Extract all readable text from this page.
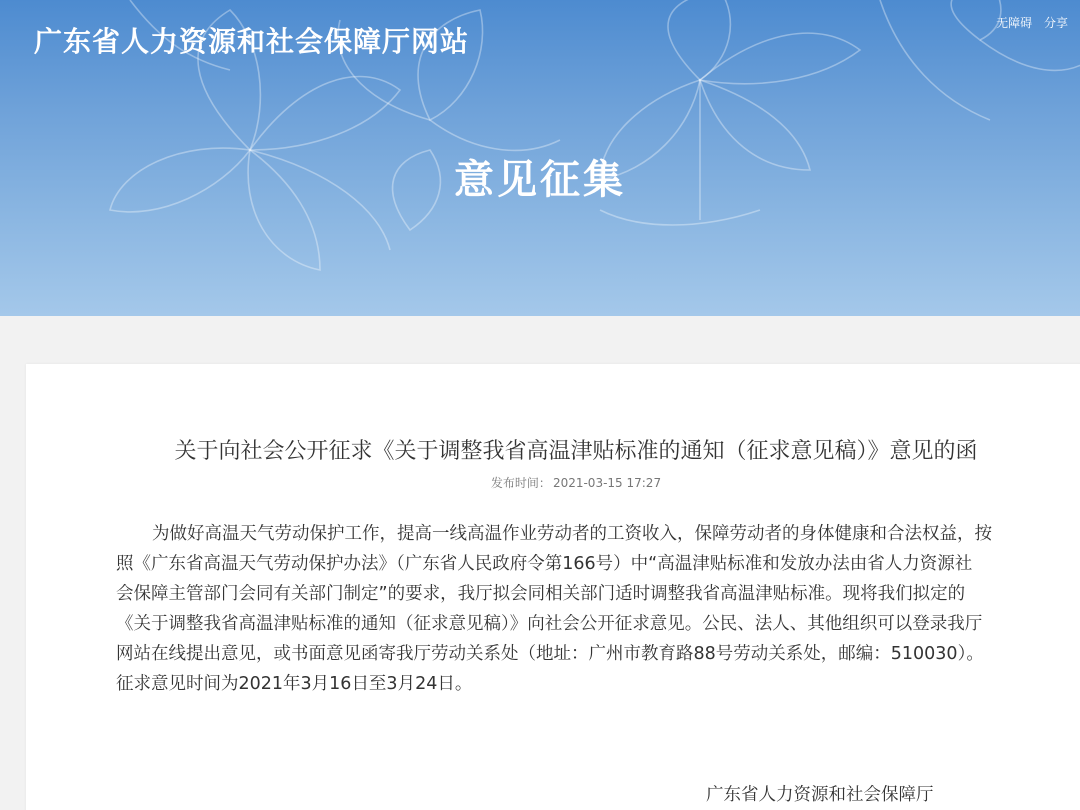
广东省人力资源和社会保障厅网站
无障碍 分享
意见征集
关于向社会公开征求《关于调整我省高温津贴标准的通知（征求意见稿）》意见的函
发布时间： 2021-03-15 17:27
为做好高温天气劳动保护工作，提高一线高温作业劳动者的工资收入，保障劳动者的身体健康和合法权益，按
照《广东省高温天气劳动保护办法》（广东省人民政府令第166号）中“高温津贴标准和发放办法由省人力资源社
会保障主管部门会同有关部门制定”的要求，我厅拟会同相关部门适时调整我省高温津贴标准。现将我们拟定的
《关于调整我省高温津贴标准的通知（征求意见稿）》向社会公开征求意见。公民、法人、其他组织可以登录我厅
网站在线提出意见，或书面意见函寄我厅劳动关系处（地址：广州市教育路88号劳动关系处，邮编：510030）。
征求意见时间为2021年3月16日至3月24日。
广东省人力资源和社会保障厅
